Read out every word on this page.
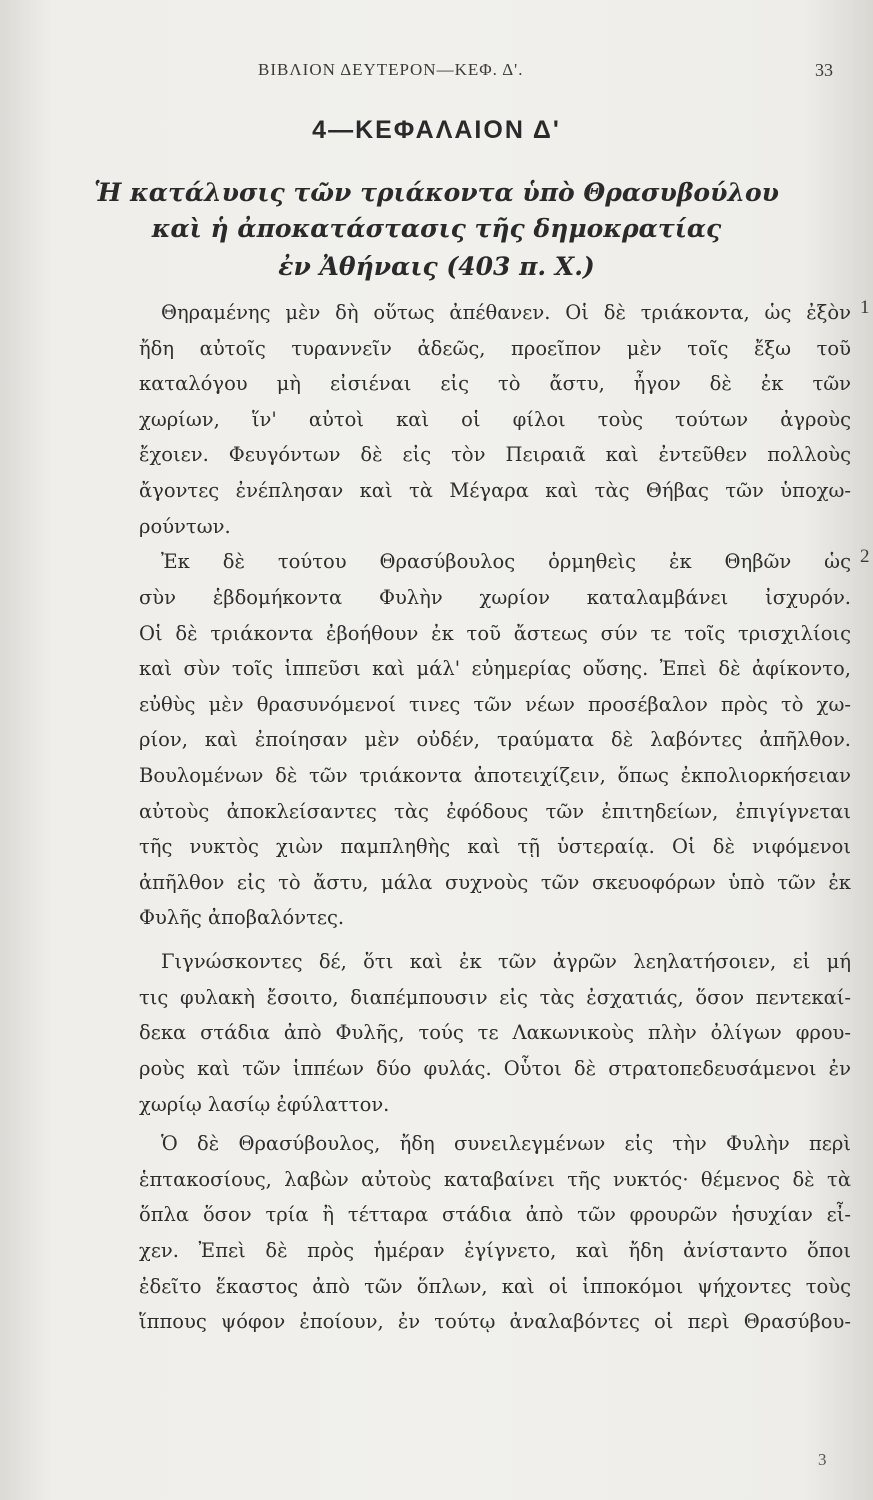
ΒΙΒΛΙΟΝ ΔΕΥΤΕΡΟΝ—ΚΕΦ. Δ'.	33
4—ΚΕΦΑΛΑΙΟΝ Δ'
Ἡ κατάλυσις τῶν τριάκοντα ὑπὸ Θρασυβούλου
καὶ ἡ ἀποκατάστασις τῆς δημοκρατίας
ἐν Ἀθήναις (403 π. Χ.)
Θηραμένης μὲν δὴ οὕτως ἀπέθανεν. Οἱ δὲ τριάκοντα, ὡς ἐξὸν
ἤδη αὐτοῖς τυραννεῖν ἀδεῶς, προεῖπον μὲν τοῖς ἔξω τοῦ
καταλόγου μὴ εἰσιέναι εἰς τὸ ἄστυ, ἦγον δὲ ἐκ τῶν
χωρίων, ἵν' αὐτοὶ καὶ οἱ φίλοι τοὺς τούτων ἀγροὺς
ἔχοιεν. Φευγόντων δὲ εἰς τὸν Πειραιᾶ καὶ ἐντεῦθεν πολλοὺς
ἄγοντες ἐνέπλησαν καὶ τὰ Μέγαρα καὶ τὰς Θήβας τῶν ὑποχω-
ρούντων.
Ἐκ δὲ τούτου Θρασύβουλος ὁρμηθεὶς ἐκ Θηβῶν ὡς
σὺν ἑβδομήκοντα Φυλὴν χωρίον καταλαμβάνει ἰσχυρόν.
Οἱ δὲ τριάκοντα ἐβοήθουν ἐκ τοῦ ἄστεως σύν τε τοῖς τρισχιλίοις
καὶ σὺν τοῖς ἱππεῦσι καὶ μάλ' εὐημερίας οὔσης. Ἐπεὶ δὲ ἀφίκοντο,
εὐθὺς μὲν θρασυνόμενοί τινες τῶν νέων προσέβαλον πρὸς τὸ χω-
ρίον, καὶ ἐποίησαν μὲν οὐδέν, τραύματα δὲ λαβόντες ἀπῆλθον.
Βουλομένων δὲ τῶν τριάκοντα ἀποτειχίζειν, ὅπως ἐκπολιορκήσειαν
αὐτοὺς ἀποκλείσαντες τὰς ἐφόδους τῶν ἐπιτηδείων, ἐπιγίγνεται
τῆς νυκτὸς χιὼν παμπληθὴς καὶ τῇ ὑστεραίᾳ. Οἱ δὲ νιφόμενοι
ἀπῆλθον εἰς τὸ ἄστυ, μάλα συχνοὺς τῶν σκευοφόρων ὑπὸ τῶν ἐκ
Φυλῆς ἀποβαλόντες.
Γιγνώσκοντες δέ, ὅτι καὶ ἐκ τῶν ἀγρῶν λεηλατήσοιεν, εἰ μή
τις φυλακὴ ἔσοιτο, διαπέμπουσιν εἰς τὰς ἐσχατιάς, ὅσον πεντεκαί-
δεκα στάδια ἀπὸ Φυλῆς, τούς τε Λακωνικοὺς πλὴν ὀλίγων φρου-
ροὺς καὶ τῶν ἱππέων δύο φυλάς. Οὗτοι δὲ στρατοπεδευσάμενοι ἐν
χωρίῳ λασίῳ ἐφύλαττον.
Ὁ δὲ Θρασύβουλος, ἤδη συνειλεγμένων εἰς τὴν Φυλὴν περὶ
ἑπτακοσίους, λαβὼν αὐτοὺς καταβαίνει τῆς νυκτός· θέμενος δὲ τὰ
ὅπλα ὅσον τρία ἢ τέτταρα στάδια ἀπὸ τῶν φρουρῶν ἡσυχίαν εἶ-
χεν. Ἐπεὶ δὲ πρὸς ἡμέραν ἐγίγνετο, καὶ ἤδη ἀνίσταντο ὅποι
ἐδεῖτο ἕκαστος ἀπὸ τῶν ὅπλων, καὶ οἱ ἱπποκόμοι ψήχοντες τοὺς
ἵππους ψόφον ἐποίουν, ἐν τούτῳ ἀναλαβόντες οἱ περὶ Θρασύβου-
1
2
3
